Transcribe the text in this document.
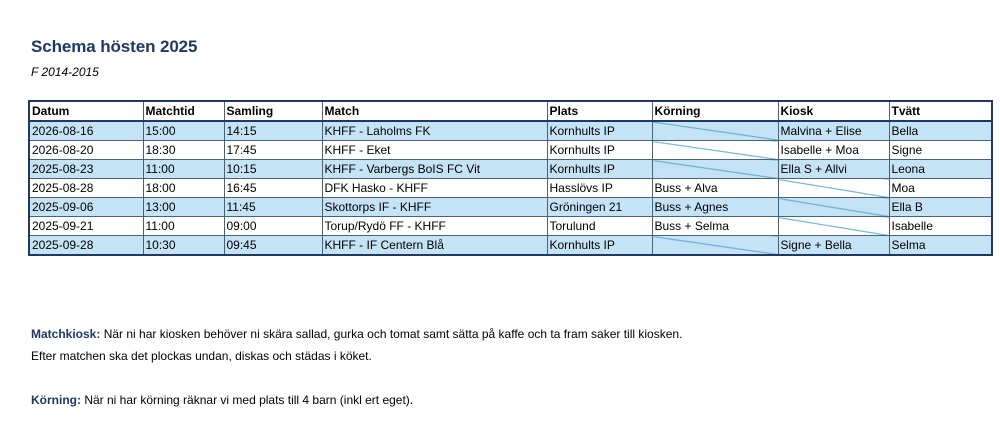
Schema hösten 2025

F 2014-2015

Datum	Matchtid	Samling	Match	Plats	Körning	Kiosk	Tvätt
2026-08-16	15:00	14:15	KHFF - Laholms FK	Kornhults IP		Malvina + Elise	Bella
2026-08-20	18:30	17:45	KHFF - Eket	Kornhults IP		Isabelle + Moa	Signe
2025-08-23	11:00	10:15	KHFF - Varbergs BoIS FC Vit	Kornhults IP		Ella S + Allvi	Leona
2025-08-28	18:00	16:45	DFK Hasko - KHFF	Hasslövs IP	Buss + Alva		Moa
2025-09-06	13:00	11:45	Skottorps IF - KHFF	Gröningen 21	Buss + Agnes		Ella B
2025-09-21	11:00	09:00	Torup/Rydö FF - KHFF	Torulund	Buss + Selma		Isabelle
2025-09-28	10:30	09:45	KHFF - IF Centern Blå	Kornhults IP		Signe + Bella	Selma

Matchkiosk: När ni har kiosken behöver ni skära sallad, gurka och tomat samt sätta på kaffe och ta fram saker till kiosken.

Efter matchen ska det plockas undan, diskas och städas i köket.

Körning: När ni har körning räknar vi med plats till 4 barn (inkl ert eget).
